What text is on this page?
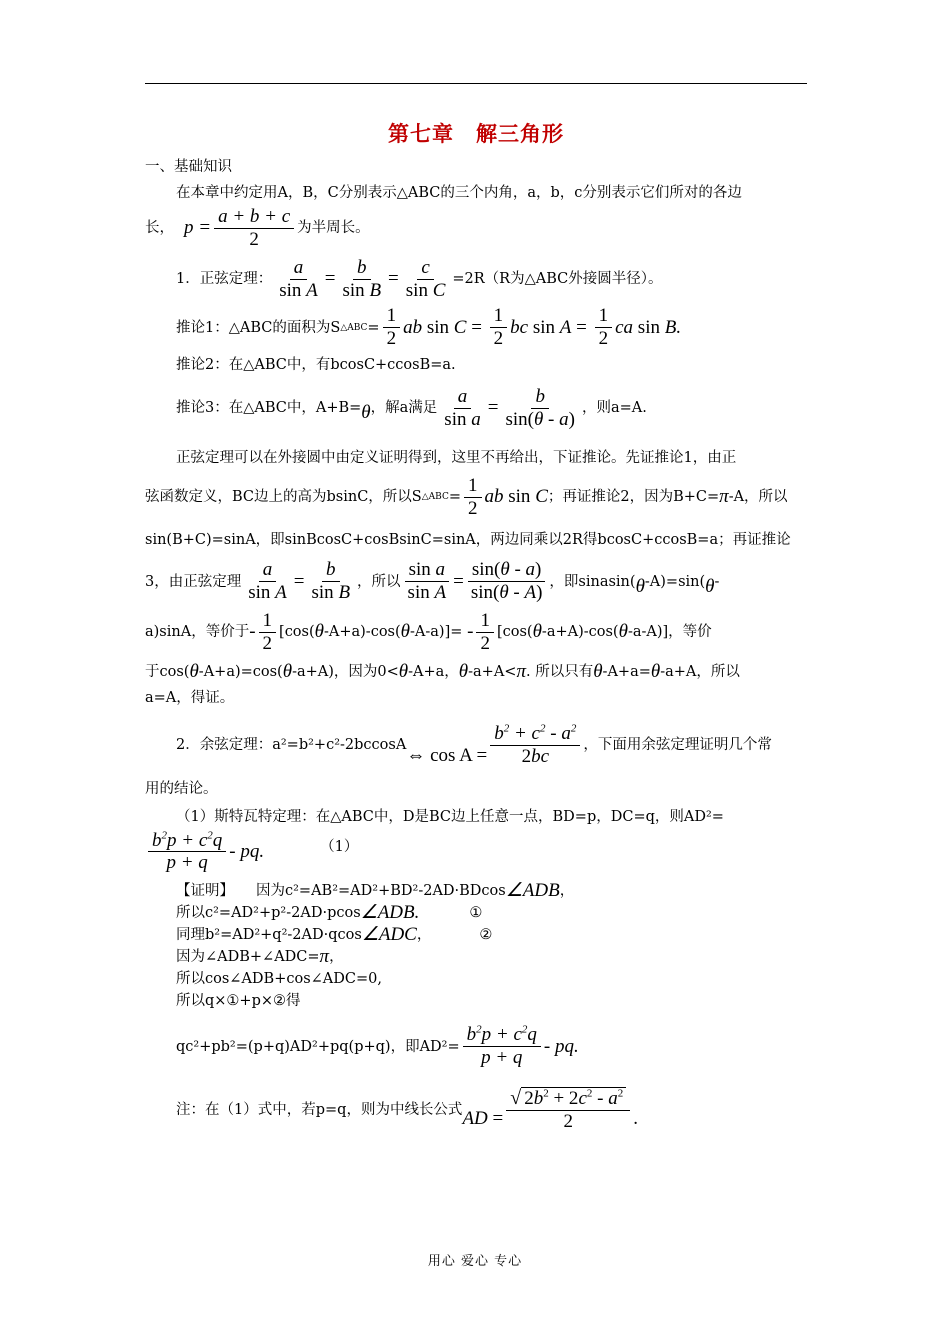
第七章　解三角形
一、基础知识
在本章中约定用A，B，C分别表示△ABC的三个内角，a，b，c分别表示它们所对的各边
长， $p = \frac{a + b + c}{2}$ 为半周长。
1．正弦定理： $\frac{a}{\text{sin A}} = \frac{b}{\text{sin B}} = \frac{c}{\text{sin C}} =2R(R$为△ABC外接圆半径）。
推论1：△ABC的面积为S △ABC = $\frac{1}{2}$ ab $\sin C = \frac{1}{2}$ bc $\sin A = \frac{1}{2}$ ca sin B.
推论2：在△ABC中，有bcosC+ccosB=a.
推论3：在△ABC中，A+B= θ ，解a满足 $\frac{a}{\text{sin a}} = \frac{b}{\sin(\theta - a)}$ ，则a=A.
正弦定理可以在外接圆中由定义证明得到，这里不再给出，下证推论。先证推论1，由正
弦函数定义，BC边上的高为bsinC，所以S △ABC = $\frac{1}{2}$ ab sin C ；再证推论2，因为B+C= π -A，所以
sin(B+C)=sinA，即sinBcosC+cosBsinC=sinA，两边同乘以2R得bcosC+ccosB=a；再证推论
3，由正弦定理 $\frac{a}{\text{sin A}} = \frac{b}{\text{sin B}}$ ，所以 $\frac{\text{sin a}}{\text{sin A}} = \frac{\sin(\theta - a)}{\sin(\theta - A)}$ ，即sinasin( θ -A)=sin( θ -
a)sinA，等价于 - $\frac{1}{2} [\cos$( θ -A+a)-cos( θ $-A-a)]= - \frac{1}{2} [\cos$( θ -a+A)-cos( θ -a-A)]，等价
于cos( θ -A+a)=cos( θ -a+A)，因为0< θ -A+a， θ -a+A< π . 所以只有 θ -A+a= θ -a+A，所以
a=A，得证。
2．余弦定理：a²=b²+c²-2bccosA ⇔ $\cos A = \frac{b^2 + c^2 - a^2}{2bc}$ ，下面用余弦定理证明几个常
用的结论。
（1）斯特瓦特定理：在△ABC中，D是BC边上任意一点，BD=p，DC=q，则AD²=
$\frac{b^2p + c^2q}{p + q}$ - pq.	（1）
【证明】 因为c²=AB²=AD²+BD²-2AD·BDcos ∠ADB ，
所以c²=AD²+p²-2AD·pcos ∠ADB.	①
同理b²=AD²+q²-2AD·qcos ∠ADC ，	②
因为∠ADB+∠ADC= π ，
所以cos∠ADB+cos∠ADC=0,
所以q×①+p×②得
qc²+pb²=(p+q)AD²+pq(p+q)，即$AD^2= \frac{b^2p + c^2q}{p + q}$ - pq.
注：在（1）式中，若p=q，则为中线长公式 AD = $\frac{√ 2b^2 + 2c^2 - a^2}{2}$ .
用心 爱心 专心
